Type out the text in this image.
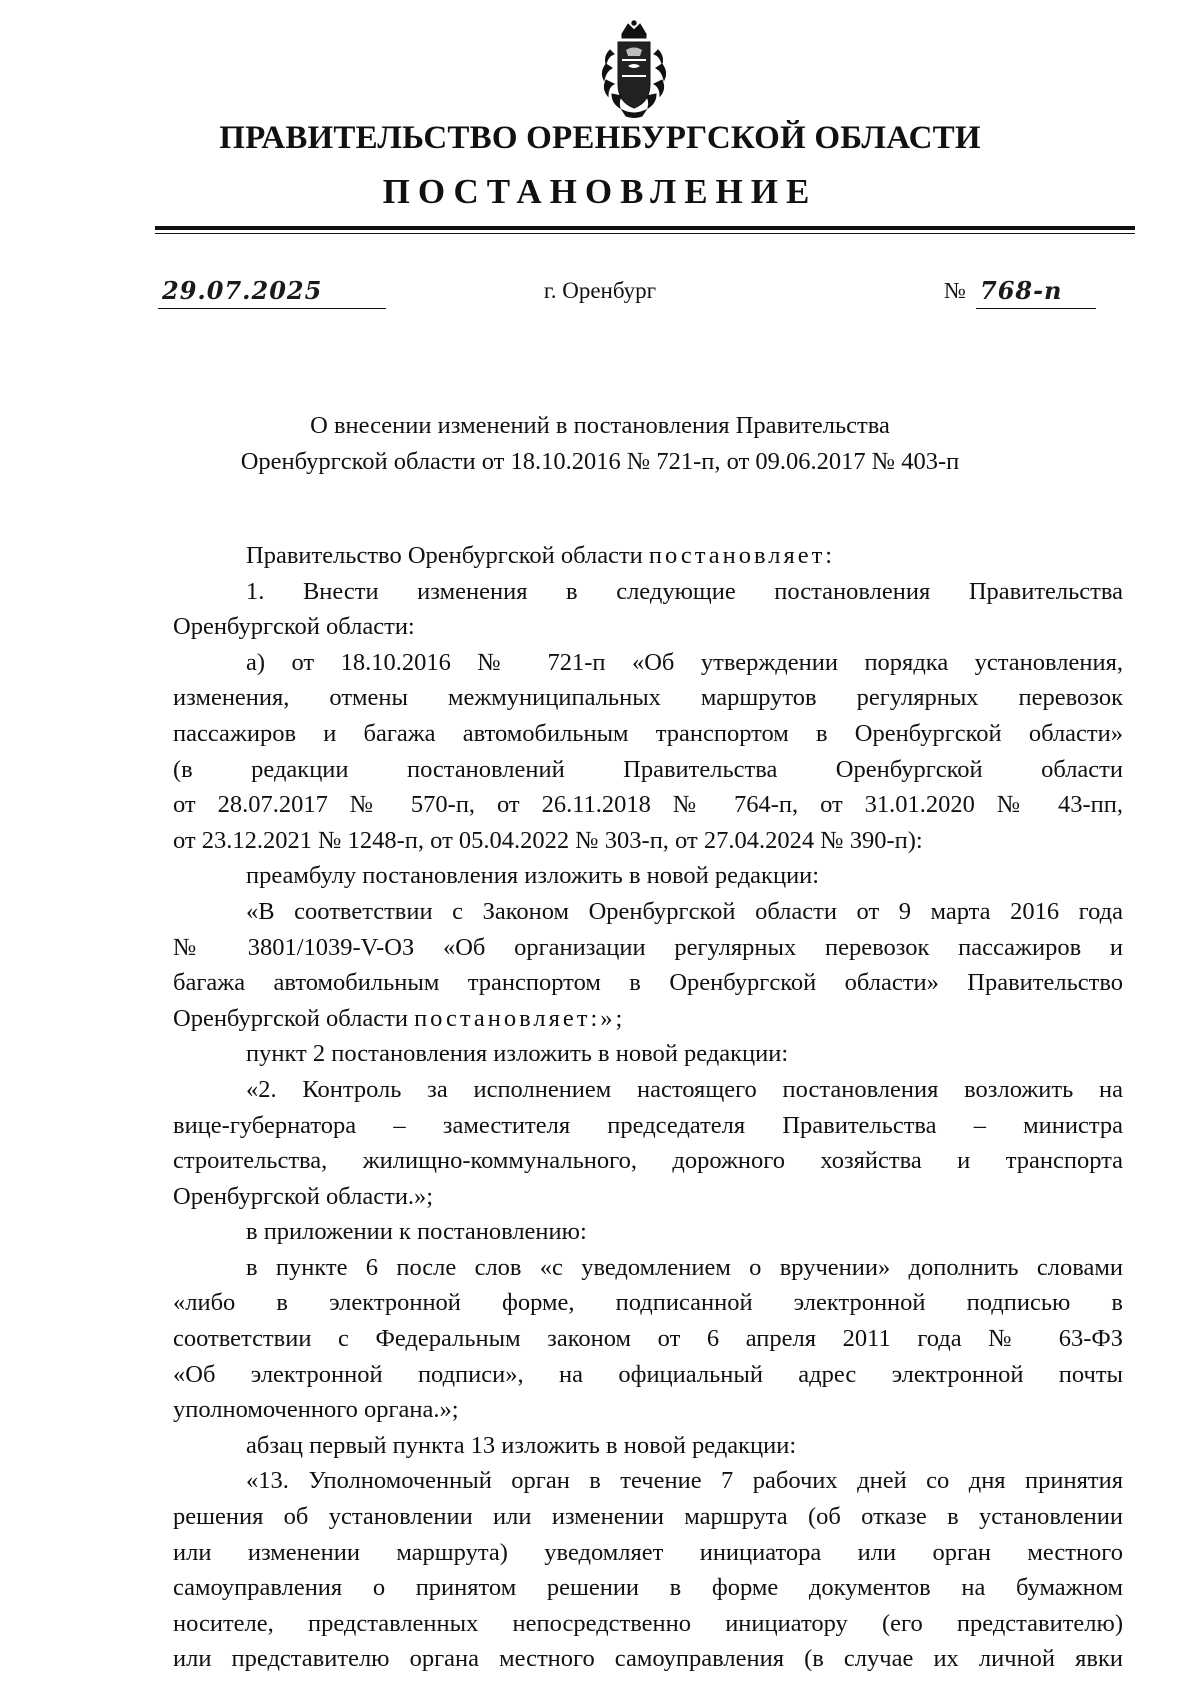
ПРАВИТЕЛЬСТВО ОРЕНБУРГСКОЙ ОБЛАСТИ
ПОСТАНОВЛЕНИЕ
29.07.2025	г. Оренбург	№ 768-п
О внесении изменений в постановления Правительства
Оренбургской области от 18.10.2016 № 721-п, от 09.06.2017 № 403-п
Правительство Оренбургской области постановляет:
1. Внести изменения в следующие постановления Правительства
Оренбургской области:
а) от 18.10.2016 № 721-п «Об утверждении порядка установления,
изменения, отмены межмуниципальных маршрутов регулярных перевозок
пассажиров и багажа автомобильным транспортом в Оренбургской области»
(в редакции постановлений Правительства Оренбургской области
от 28.07.2017 № 570-п, от 26.11.2018 № 764-п, от 31.01.2020 № 43-пп,
от 23.12.2021 № 1248-п, от 05.04.2022 № 303-п, от 27.04.2024 № 390-п):
преамбулу постановления изложить в новой редакции:
«В соответствии с Законом Оренбургской области от 9 марта 2016 года
№ 3801/1039-V-ОЗ «Об организации регулярных перевозок пассажиров и
багажа автомобильным транспортом в Оренбургской области» Правительство
Оренбургской области постановляет:»;
пункт 2 постановления изложить в новой редакции:
«2. Контроль за исполнением настоящего постановления возложить на
вице-губернатора – заместителя председателя Правительства – министра
строительства, жилищно-коммунального, дорожного хозяйства и транспорта
Оренбургской области.»;
в приложении к постановлению:
в пункте 6 после слов «с уведомлением о вручении» дополнить словами
«либо в электронной форме, подписанной электронной подписью в
соответствии с Федеральным законом от 6 апреля 2011 года № 63-ФЗ
«Об электронной подписи», на официальный адрес электронной почты
уполномоченного органа.»;
абзац первый пункта 13 изложить в новой редакции:
«13. Уполномоченный орган в течение 7 рабочих дней со дня принятия
решения об установлении или изменении маршрута (об отказе в установлении
или изменении маршрута) уведомляет инициатора или орган местного
самоуправления о принятом решении в форме документов на бумажном
носителе, представленных непосредственно инициатору (его представителю)
или представителю органа местного самоуправления (в случае их личной явки
